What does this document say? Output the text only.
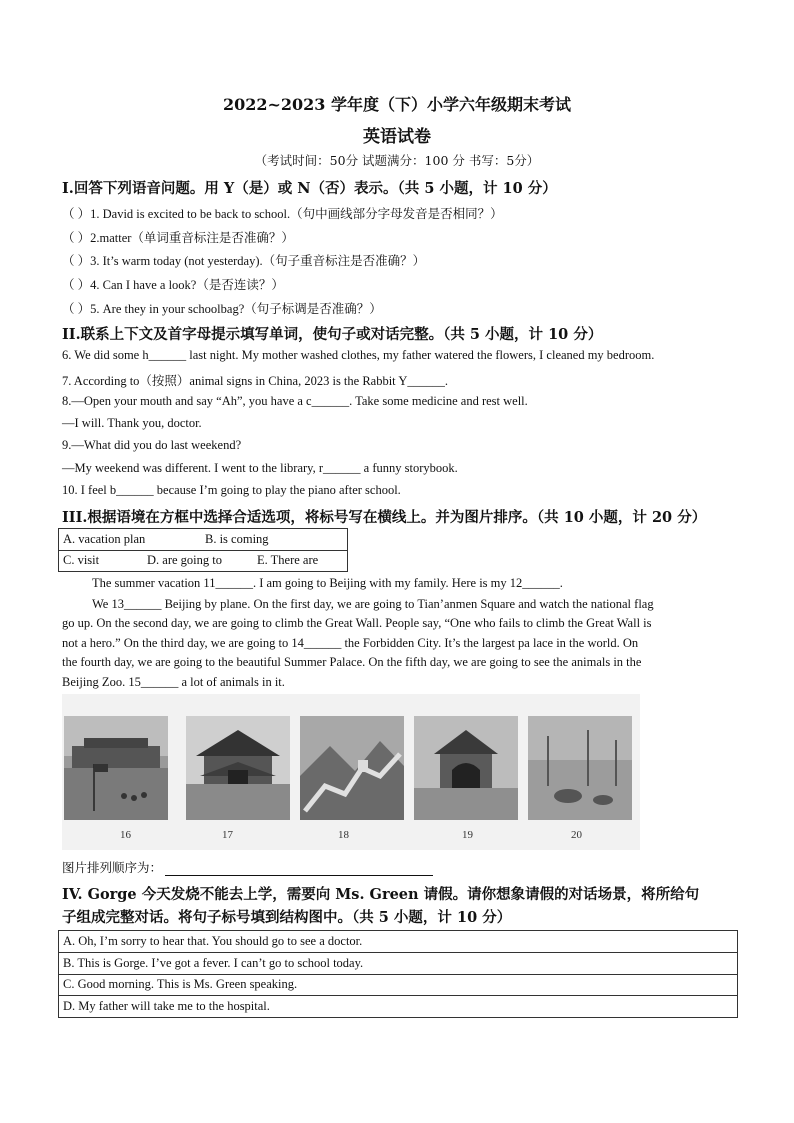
2022~2023 学年度（下）小学六年级期末考试
英语试卷
（考试时间：50分 试题满分：100 分 书写：5分）
I.回答下列语音问题。用 Y（是）或 N（否）表示。（共 5 小题，计 10 分）
（ ）1. David is excited to be back to school.（句中画线部分字母发音是否相同？）
（ ）2.matter（单词重音标注是否准确？）
（ ）3. It’s warm today (not yesterday).（句子重音标注是否准确？）
（ ）4. Can I have a look?（是否连读？）
（ ）5. Are they in your schoolbag?（句子标调是否准确？）
II.联系上下文及首字母提示填写单词，使句子或对话完整。（共 5 小题，计 10 分）
6. We did some h______ last night. My mother washed clothes, my father watered the flowers, I cleaned my bedroom.
7. According to（按照）animal signs in China, 2023 is the Rabbit Y______.
8.—Open your mouth and say “Ah”, you have a c______. Take some medicine and rest well.
—I will. Thank you, doctor.
9.—What did you do last weekend?
—My weekend was different. I went to the library, r______ a funny storybook.
10. I feel b______ because I’m going to play the piano after school.
III.根据语境在方框中选择合适选项，将标号写在横线上。并为图片排序。（共 10 小题，计 20 分）
A. vacation plan	B. is coming
C. visit	D. are going to	E. There are
The summer vacation 11______. I am going to Beijing with my family. Here is my 12______.
We 13______ Beijing by plane. On the first day, we are going to Tian’anmen Square and watch the national flag
go up. On the second day, we are going to climb the Great Wall. People say, “One who fails to climb the Great Wall is
not a hero.” On the third day, we are going to 14______ the Forbidden City. It’s the largest pa lace in the world. On
the fourth day, we are going to the beautiful Summer Palace. On the fifth day, we are going to see the animals in the
Beijing Zoo. 15______ a lot of animals in it.
16	17	18	19	20
图片排列顺序为：
IV. Gorge 今天发烧不能去上学，需要向 Ms. Green 请假。请你想象请假的对话场景，将所给句
子组成完整对话。将句子标号填到结构图中。（共 5 小题，计 10 分）
A. Oh, I’m sorry to hear that. You should go to see a doctor.
B. This is Gorge. I’ve got a fever. I can’t go to school today.
C. Good morning. This is Ms. Green speaking.
D. My father will take me to the hospital.
